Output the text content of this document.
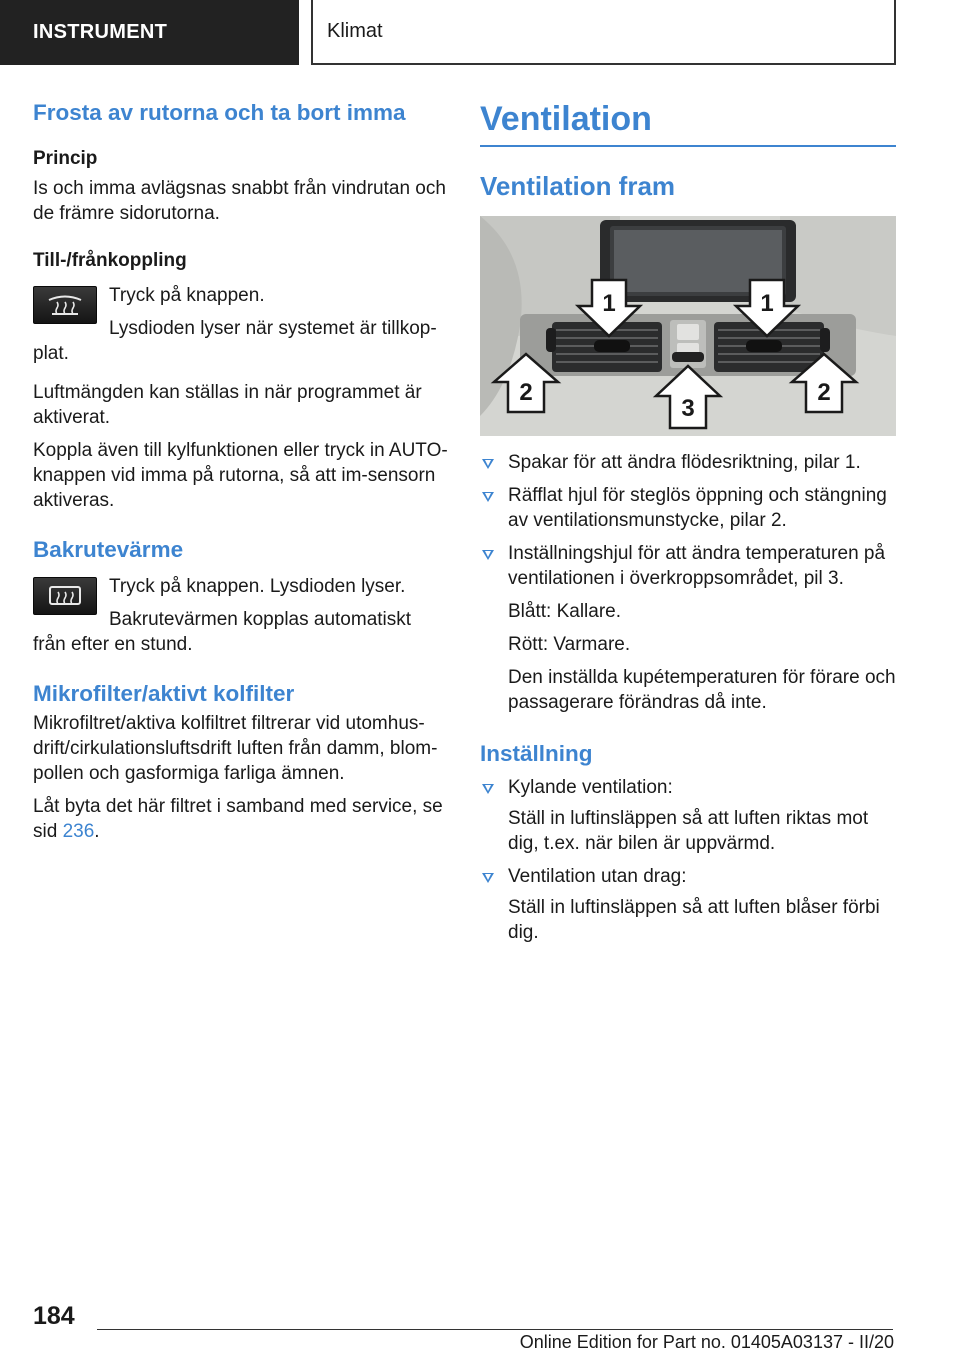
INSTRUMENT	Klimat
Frosta av rutorna och ta bort imma
Princip

Is och imma avlägsnas snabbt från vindrutan och de främre sidorutorna.

Till-/frånkoppling

Tryck på knappen.

Lysdioden lyser när systemet är tillkop-plat.

Luftmängden kan ställas in när programmet är aktiverat.

Koppla även till kylfunktionen eller tryck in AUTO-knappen vid imma på rutorna, så att im-sensorn aktiveras.

Bakrutevärme

Tryck på knappen. Lysdioden lyser.

Bakrutevärmen kopplas automatiskt från efter en stund.

Mikrofilter/aktivt kolfilter

Mikrofiltret/aktiva kolfiltret filtrerar vid utomhus-drift/cirkulationsluftsdrift luften från damm, blom-pollen och gasformiga farliga ämnen.

Låt byta det här filtret i samband med service, se sid 236.

Ventilation
Ventilation fram
1	1
2	2
3
Spakar för att ändra flödesriktning, pilar 1.
Räfflat hjul för steglös öppning och stängning av ventilationsmunstycke, pilar 2.
Inställningshjul för att ändra temperaturen på ventilationen i överkroppsområdet, pil 3.

Blått: Kallare.

Rött: Varmare.

Den inställda kupétemperaturen för förare och passagerare förändras då inte.

Inställning
Kylande ventilation:

Ställ in luftinsläppen så att luften riktas mot dig, t.ex. när bilen är uppvärmd.

Ventilation utan drag:

Ställ in luftinsläppen så att luften blåser förbi dig.

184
Online Edition for Part no. 01405A03137 - II/20
